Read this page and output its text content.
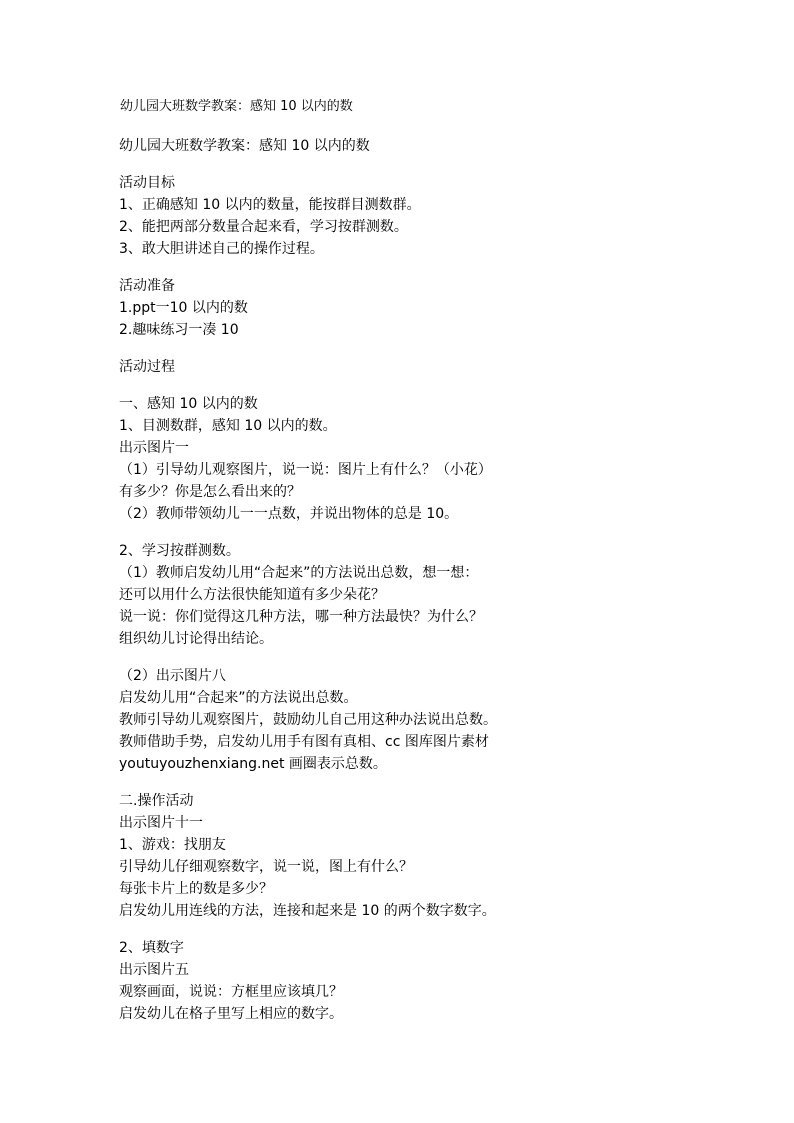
幼儿园大班数学教案：感知 10 以内的数
幼儿园大班数学教案：感知 10 以内的数
活动目标
1、正确感知 10 以内的数量，能按群目测数群。
2、能把两部分数量合起来看，学习按群测数。
3、敢大胆讲述自己的操作过程。
活动准备
1.ppt一10 以内的数
2.趣味练习一凑 10
活动过程
一、感知 10 以内的数
1、目测数群，感知 10 以内的数。
出示图片一
（1）引导幼儿观察图片，说一说：图片上有什么？（小花）
有多少？你是怎么看出来的？
（2）教师带领幼儿一一点数，并说出物体的总是 10。
2、学习按群测数。
（1）教师启发幼儿用“合起来”的方法说出总数，想一想：
还可以用什么方法很快能知道有多少朵花？
说一说：你们觉得这几种方法，哪一种方法最快？为什么？
组织幼儿讨论得出结论。
（2）出示图片八
启发幼儿用“合起来”的方法说出总数。
教师引导幼儿观察图片，鼓励幼儿自己用这种办法说出总数。
教师借助手势，启发幼儿用手有图有真相、cc 图库图片素材
youtuyouzhenxiang.net 画圈表示总数。
二.操作活动
出示图片十一
1、游戏：找朋友
引导幼儿仔细观察数字，说一说，图上有什么？
每张卡片上的数是多少？
启发幼儿用连线的方法，连接和起来是 10 的两个数字数字。
2、填数字
出示图片五
观察画面，说说：方框里应该填几？
启发幼儿在格子里写上相应的数字。
